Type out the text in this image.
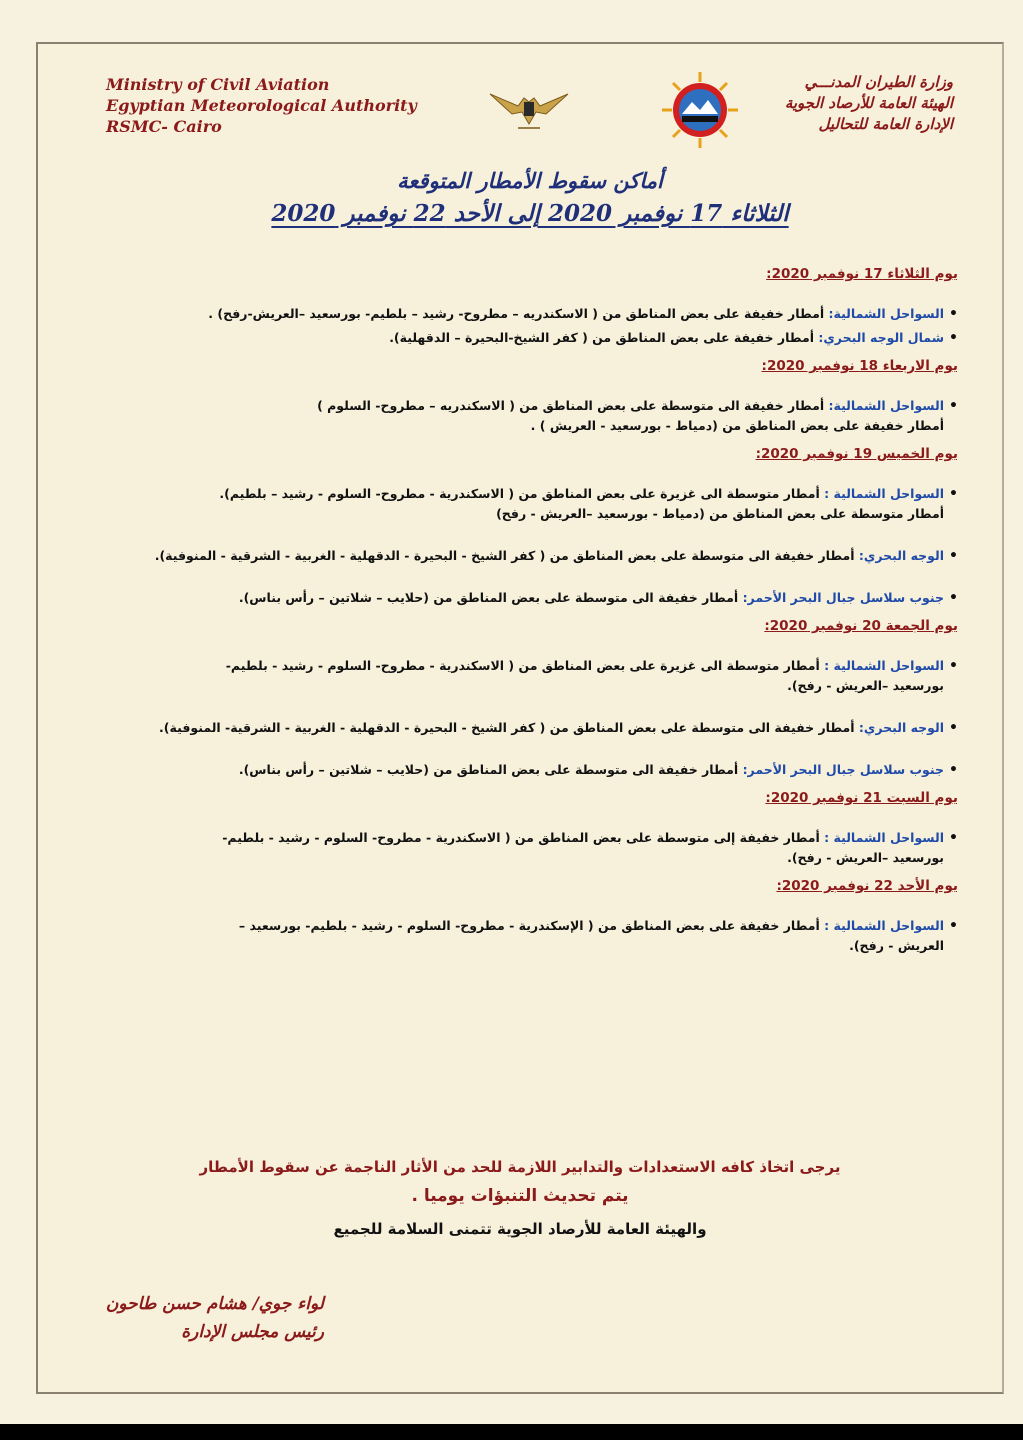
Ministry of Civil Aviation
Egyptian Meteorological Authority
RSMC- Cairo
وزارة الطيران المدنـــي
الهيئة العامة للأرصاد الجوية
الإدارة العامة للتحاليل
أماكن سقوط الأمطار المتوقعة
الثلاثاء 17 نوفمبر 2020 إلى الأحد 22 نوفمبر 2020
يوم الثلاثاء 17 نوفمبر 2020:
•
السواحل الشمالية: أمطار خفيفة على بعض المناطق من ( الاسكندريه – مطروح- رشيد – بلطيم- بورسعيد –العريش-رفح) .
•
شمال الوجه البحري: أمطار خفيفة على بعض المناطق من ( كفر الشيخ-البحيرة – الدقهلية).
يوم الاربعاء 18 نوفمبر 2020:
•
السواحل الشمالية: أمطار خفيفة الى متوسطة على بعض المناطق من ( الاسكندريه – مطروح- السلوم )
أمطار خفيفة على بعض المناطق من (دمياط - بورسعيد - العريش ) .
يوم الخميس 19 نوفمبر 2020:
•
السواحل الشمالية : أمطار متوسطة الى غزيرة على بعض المناطق من ( الاسكندرية - مطروح- السلوم - رشيد – بلطيم).
أمطار متوسطة على بعض المناطق من (دمياط - بورسعيد –العريش - رفح)
•
الوجه البحري: أمطار خفيفة الى متوسطة على بعض المناطق من ( كفر الشيخ - البحيرة - الدقهلية - الغربية - الشرقية - المنوفية).
•
جنوب سلاسل جبال البحر الأحمر: أمطار خفيفة الى متوسطة على بعض المناطق من (حلايب – شلاتين – رأس بناس).
يوم الجمعة 20 نوفمبر 2020:
•
السواحل الشمالية : أمطار متوسطة الى غزيرة على بعض المناطق من ( الاسكندرية - مطروح- السلوم - رشيد - بلطيم-
بورسعيد –العريش - رفح).
•
الوجه البحري: أمطار خفيفة الى متوسطة على بعض المناطق من ( كفر الشيخ - البحيرة - الدقهلية - الغربية - الشرقية- المنوفية).
•
جنوب سلاسل جبال البحر الأحمر: أمطار خفيفة الى متوسطة على بعض المناطق من (حلايب – شلاتين – رأس بناس).
يوم السبت 21 نوفمبر 2020:
•
السواحل الشمالية : أمطار خفيفة إلى متوسطة على بعض المناطق من ( الاسكندرية - مطروح- السلوم - رشيد - بلطيم-
بورسعيد –العريش - رفح).
يوم الأحد 22 نوفمبر 2020:
•
السواحل الشمالية : أمطار خفيفة على بعض المناطق من ( الإسكندرية - مطروح- السلوم - رشيد - بلطيم- بورسعيد –
العريش - رفح).
يرجى اتخاذ كافه الاستعدادات والتدابير اللازمة للحد من الأثار الناجمة عن سقوط الأمطار
يتم تحديث التنبؤات يوميا .
والهيئة العامة للأرصاد الجوية تتمنى السلامة للجميع
لواء جوي/ هشام حسن طاحون
رئيس مجلس الإدارة
